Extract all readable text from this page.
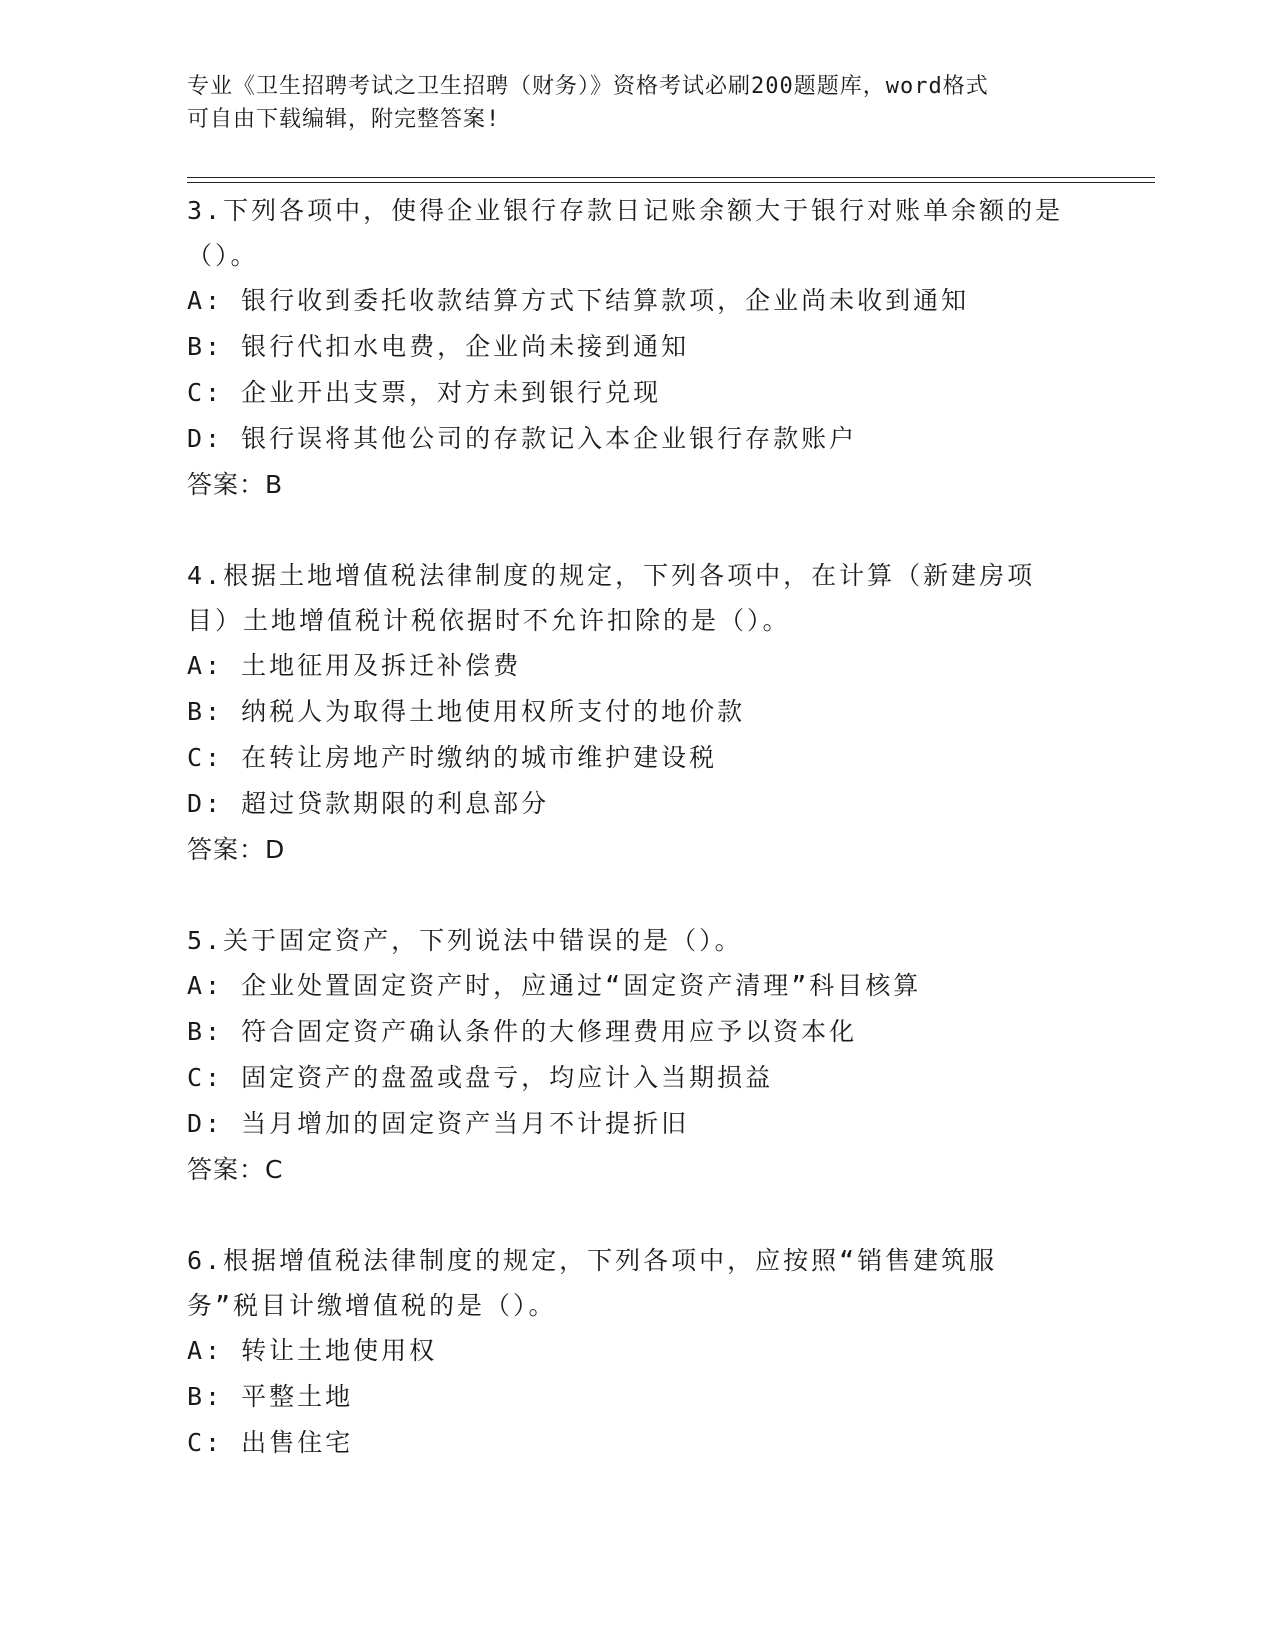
专业《卫生招聘考试之卫生招聘（财务）》资格考试必刷200题题库，word格式
可自由下载编辑，附完整答案!
3.下列各项中，使得企业银行存款日记账余额大于银行对账单余额的是（）。
A: 银行收到委托收款结算方式下结算款项，企业尚未收到通知
B: 银行代扣水电费，企业尚未接到通知
C: 企业开出支票，对方未到银行兑现
D: 银行误将其他公司的存款记入本企业银行存款账户
答案：B
4.根据土地增值税法律制度的规定，下列各项中，在计算（新建房项目）土地增值税计税依据时不允许扣除的是（）。
A: 土地征用及拆迁补偿费
B: 纳税人为取得土地使用权所支付的地价款
C: 在转让房地产时缴纳的城市维护建设税
D: 超过贷款期限的利息部分
答案：D
5.关于固定资产，下列说法中错误的是（）。
A: 企业处置固定资产时，应通过“固定资产清理”科目核算
B: 符合固定资产确认条件的大修理费用应予以资本化
C: 固定资产的盘盈或盘亏，均应计入当期损益
D: 当月增加的固定资产当月不计提折旧
答案：C
6.根据增值税法律制度的规定，下列各项中，应按照“销售建筑服务”税目计缴增值税的是（）。
A: 转让土地使用权
B: 平整土地
C: 出售住宅
